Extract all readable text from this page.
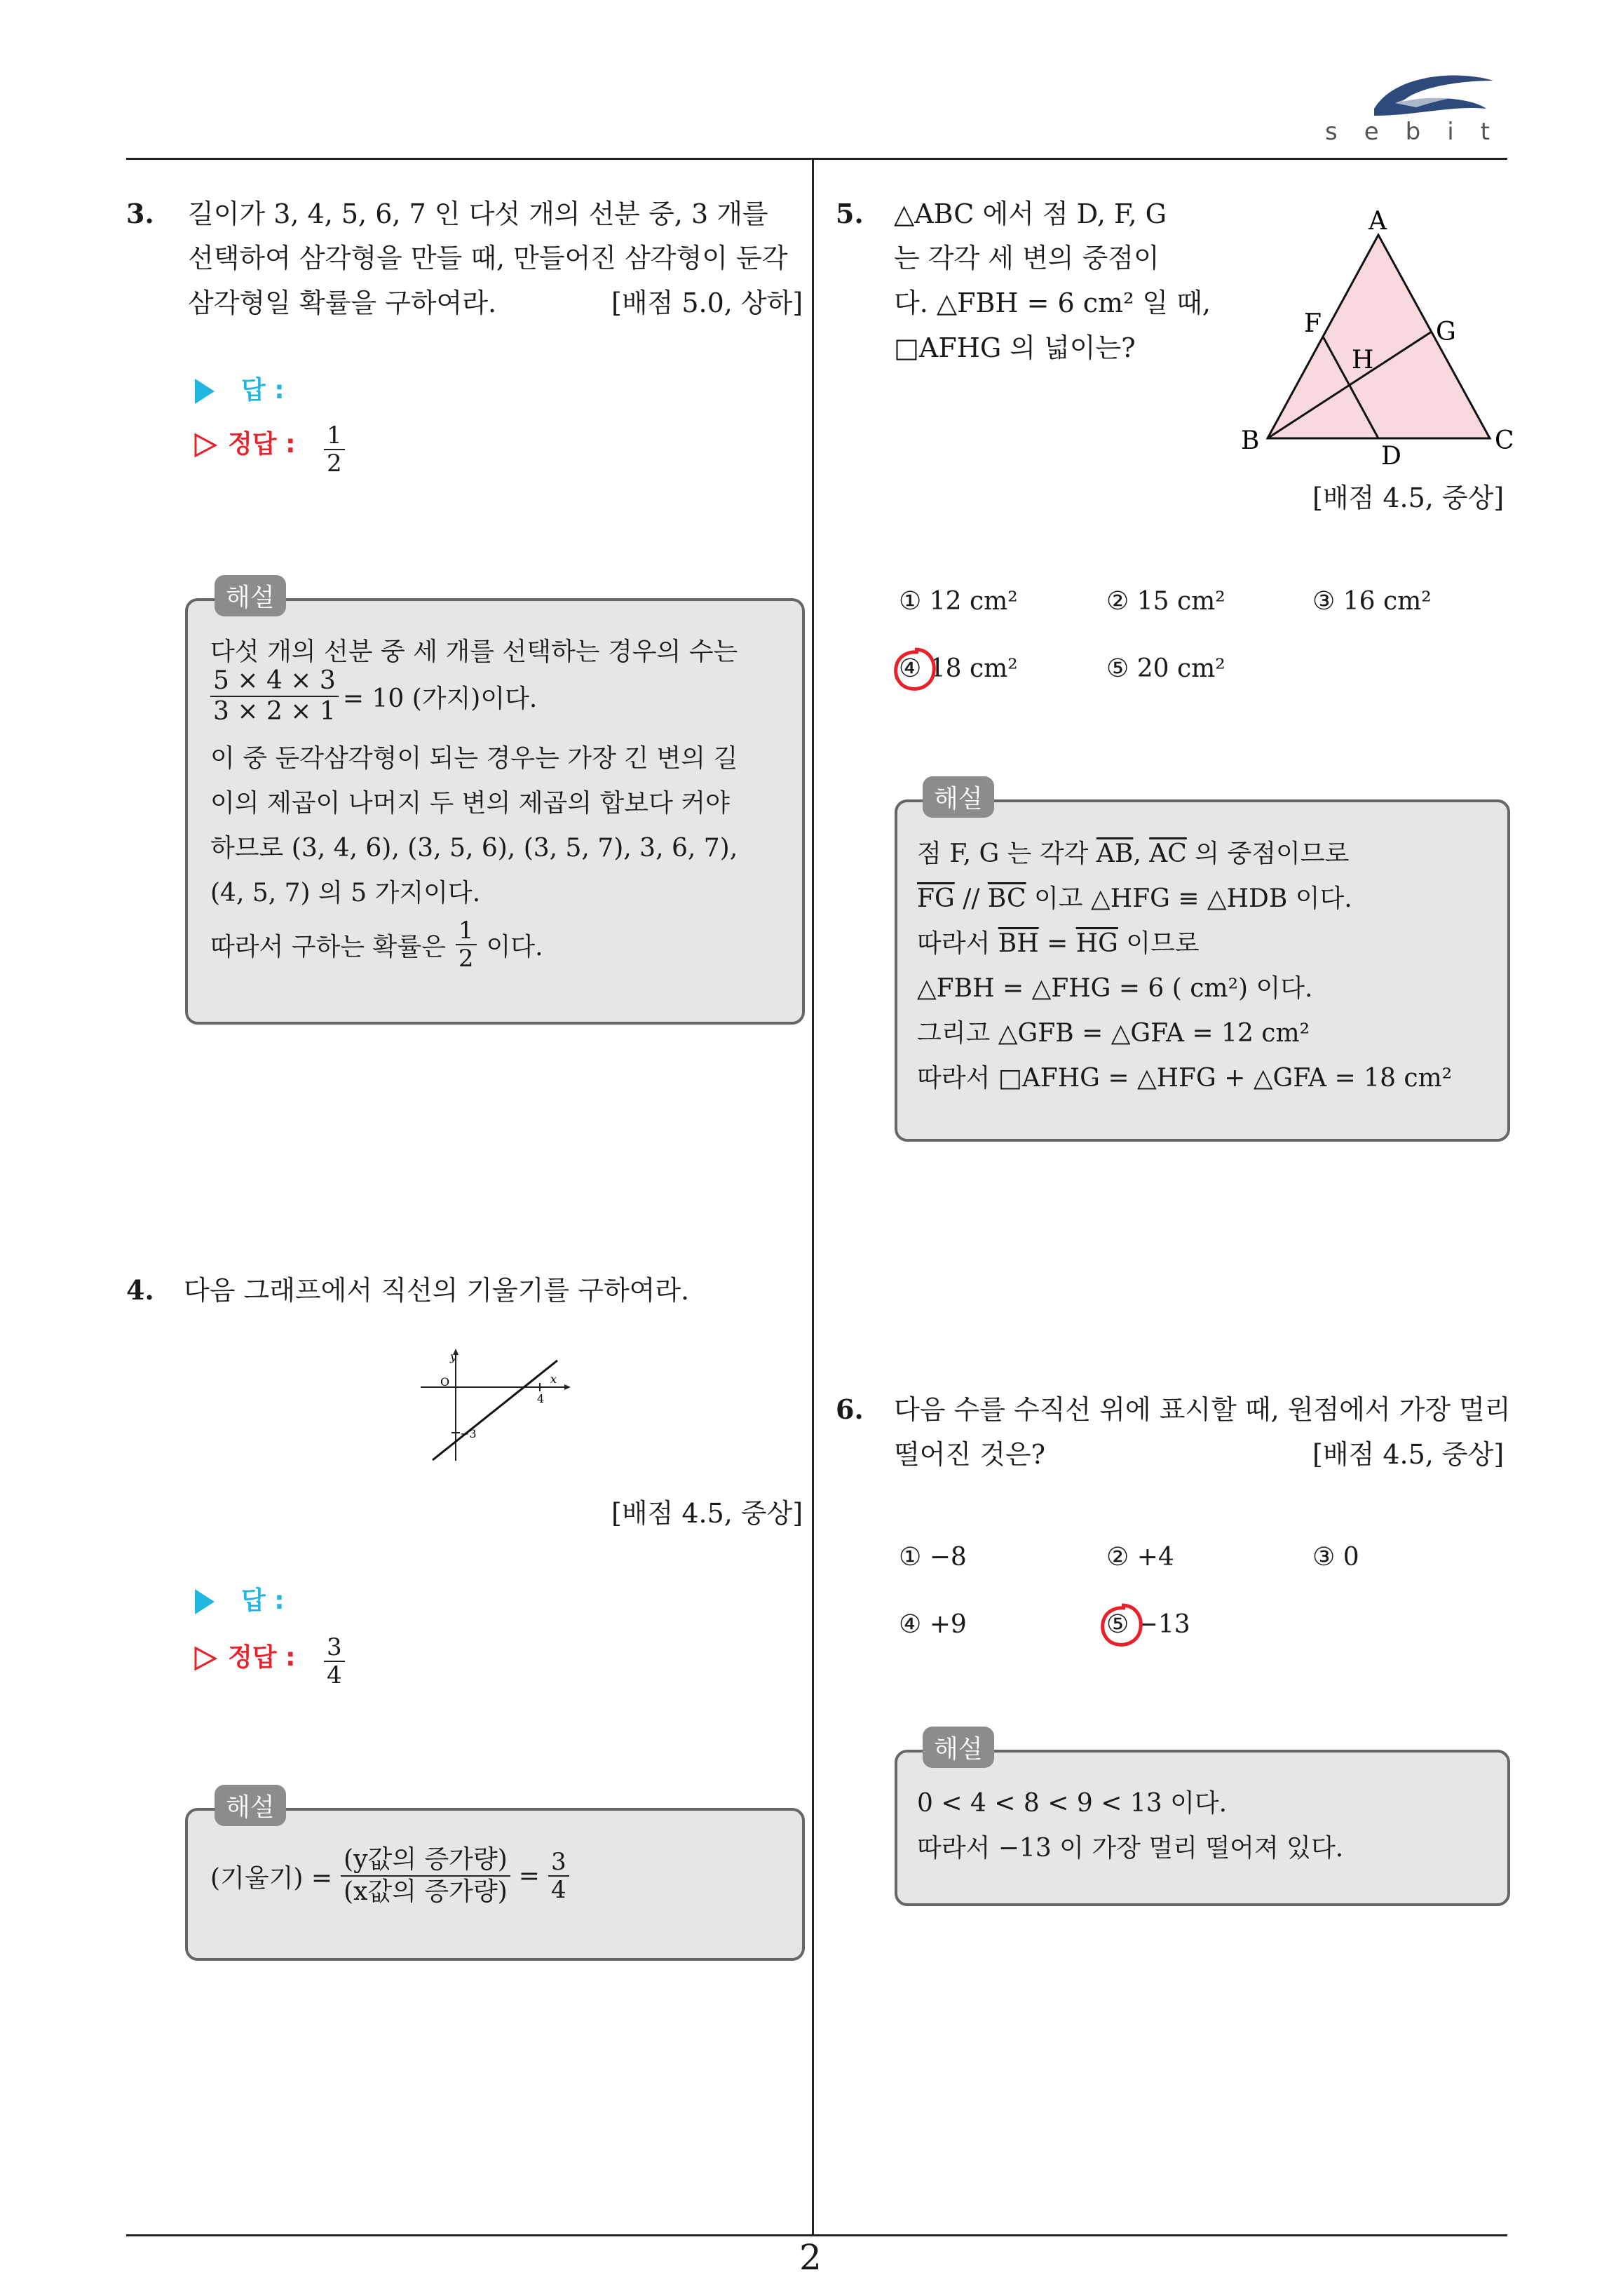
sebit
3. 길이가 3, 4, 5, 6, 7 인 다섯 개의 선분 중, 3 개를
선택하여 삼각형을 만들 때, 만들어진 삼각형이 둔각
삼각형일 확률을 구하여라.	[배점 5.0, 상하]
답 :
정답 : $\frac{1}{2}$
해설
다섯 개의 선분 중 세 개를 선택하는 경우의 수는
$\frac{5 \times 4 \times 3}{3 \times 2 \times 1} = 10$ (가지)이다.
이 중 둔각삼각형이 되는 경우는 가장 긴 변의 길
이의 제곱이 나머지 두 변의 제곱의 합보다 커야
하므로 (3, 4, 6), (3, 5, 6), (3, 5, 7), 3, 6, 7),
(4, 5, 7) 의 5 가지이다.
따라서 구하는 확률은 $\frac{1}{2}$ 이다.
4. 다음 그래프에서 직선의 기울기를 구하여라.
y
x
O
4
−3
[배점 4.5, 중상]
답 :
정답 : $\frac{3}{4}$
해설
(기울기) = $\frac{\text{(y값의 증가량)}}{\text{(x값의 증가량)}} = \frac{3}{4}$
5. △ABC 에서 점 D, F, G
는 각각 세 변의 중점이
다. △FBH = 6 cm² 일 때,
□AFHG 의 넓이는?
A
B	C
D
F	G
H
[배점 4.5, 중상]
① 12 cm²	② 15 cm²	③ 16 cm²
④ 18 cm²	⑤ 20 cm²
해설
점 F, G 는 각각 $\overline{AB}$, $\overline{AC}$ 의 중점이므로
$\overline{FG} // \overline{BC}$ 이고 △HFG ≡ △HDB 이다.
따라서 $\overline{BH} = \overline{HG}$ 이므로
△FBH = △FHG = 6 ( cm²) 이다.
그리고 △GFB = △GFA = 12 cm²
따라서 □AFHG = △HFG + △GFA = 18 cm²
6. 다음 수를 수직선 위에 표시할 때, 원점에서 가장 멀리
떨어진 것은?	[배점 4.5, 중상]
① −8	② +4	③ 0
④ +9	⑤ −13
해설
0 < 4 < 8 < 9 < 13 이다.
따라서 −13 이 가장 멀리 떨어져 있다.
2
